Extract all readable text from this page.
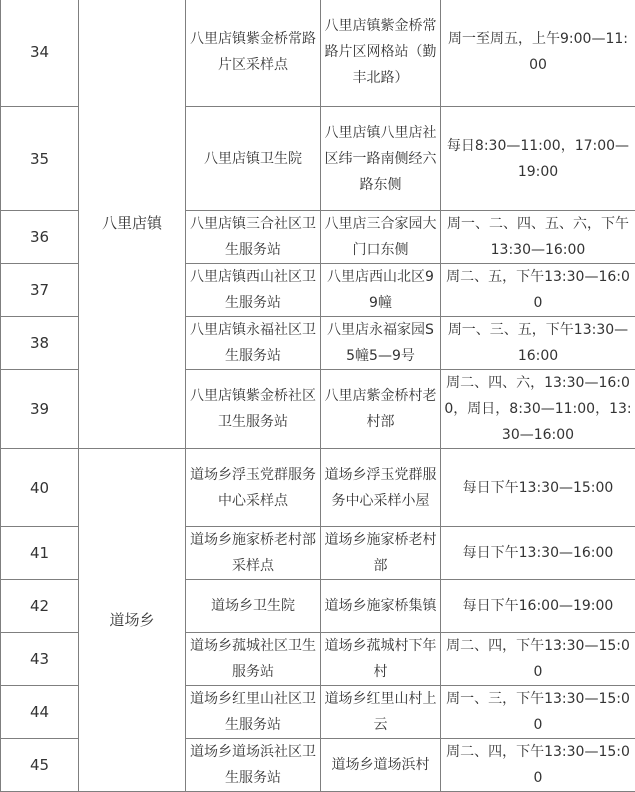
34	八里店镇	八里店镇紫金桥常路片区采样点	八里店镇紫金桥常路片区网格站（勤丰北路）	周一至周五，上午9:00—11:00
35		八里店镇卫生院	八里店镇八里店社区纬一路南侧经六路东侧	每日8:30—11:00，17:00—19:00
36		八里店镇三合社区卫生服务站	八里店三合家园大门口东侧	周一、二、四、五、六，下午13:30—16:00
37		八里店镇西山社区卫生服务站	八里店西山北区99幢	周二、五，下午13:30—16:00
38		八里店镇永福社区卫生服务站	八里店永福家园S5幢5—9号	周一、三、五，下午13:30—16:00
39		八里店镇紫金桥社区卫生服务站	八里店紫金桥村老村部	周二、四、六，13:30—16:00，周日，8:30—11:00，13:30—16:00
40	道场乡	道场乡浮玉党群服务中心采样点	道场乡浮玉党群服务中心采样小屋	每日下午13:30—15:00
41		道场乡施家桥老村部采样点	道场乡施家桥老村部	每日下午13:30—16:00
42		道场乡卫生院	道场乡施家桥集镇	每日下午16:00—19:00
43		道场乡菰城社区卫生服务站	道场乡菰城村下年村	周二、四，下午13:30—15:00
44		道场乡红里山社区卫生服务站	道场乡红里山村上云	周一、三，下午13:30—15:00
45		道场乡道场浜社区卫生服务站	道场乡道场浜村	周二、四，下午13:30—15:00
